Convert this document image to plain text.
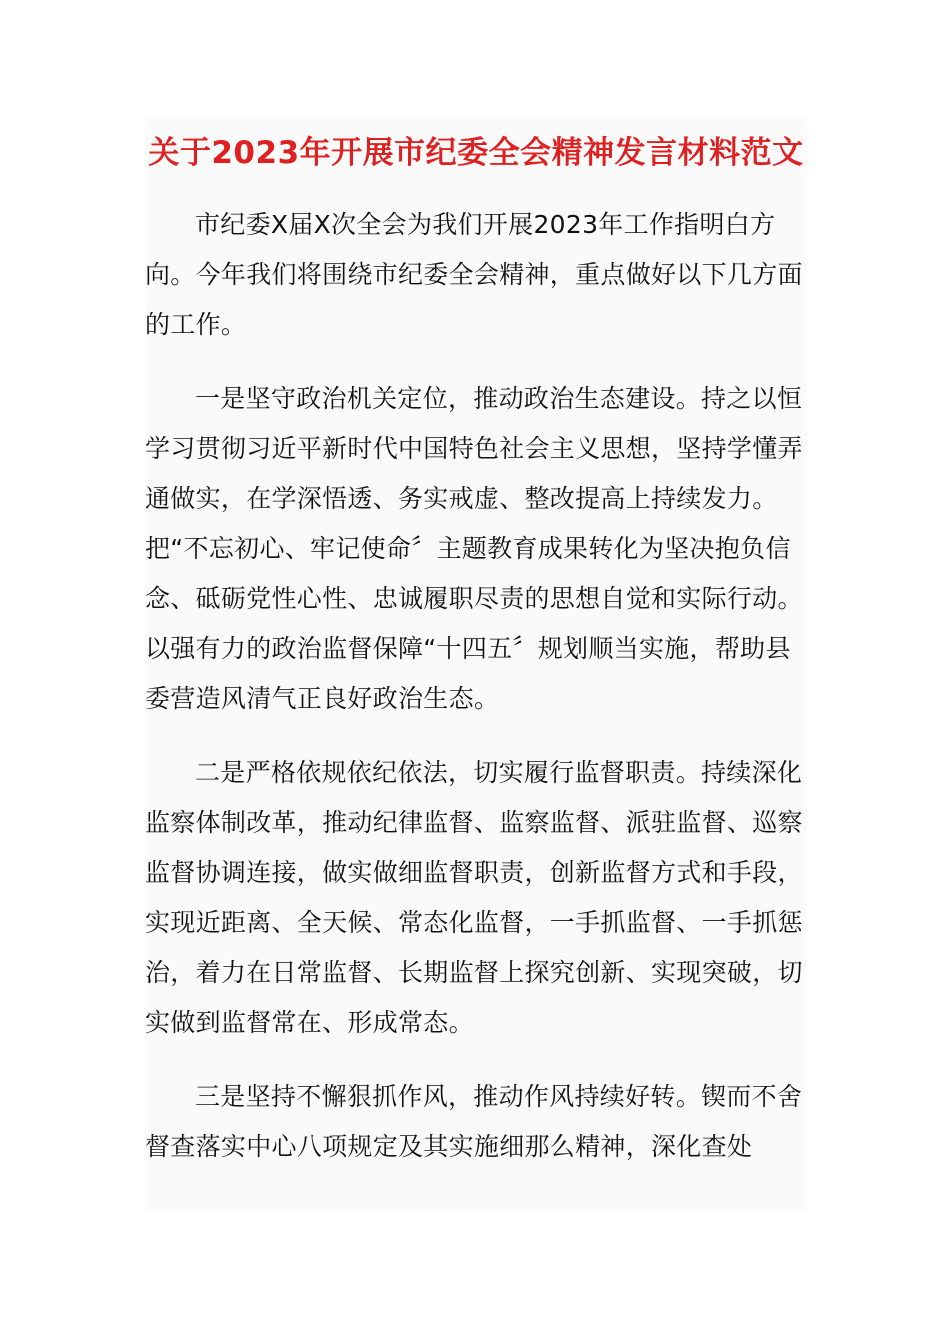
关于2023年开展市纪委全会精神发言材料范文

市纪委Ⅹ届Ⅹ次全会为我们开展2023年工作指明白方向。今年我们将围绕市纪委全会精神，重点做好以下几方面的工作。

一是坚守政治机关定位，推动政治生态建设。持之以恒学习贯彻习近平新时代中国特色社会主义思想，坚持学懂弄通做实，在学深悟透、务实戒虚、整改提高上持续发力。把“不忘初心、牢记使命〞主题教育成果转化为坚决抱负信念、砥砺党性心性、忠诚履职尽责的思想自觉和实际行动。以强有力的政治监督保障“十四五〞规划顺当实施，帮助县委营造风清气正良好政治生态。

二是严格依规依纪依法，切实履行监督职责。持续深化监察体制改革，推动纪律监督、监察监督、派驻监督、巡察监督协调连接，做实做细监督职责，创新监督方式和手段，实现近距离、全天候、常态化监督，一手抓监督、一手抓惩治，着力在日常监督、长期监督上探究创新、实现突破，切实做到监督常在、形成常态。

三是坚持不懈狠抓作风，推动作风持续好转。锲而不舍督查落实中心八项规定及其实施细那么精神，深化查处
